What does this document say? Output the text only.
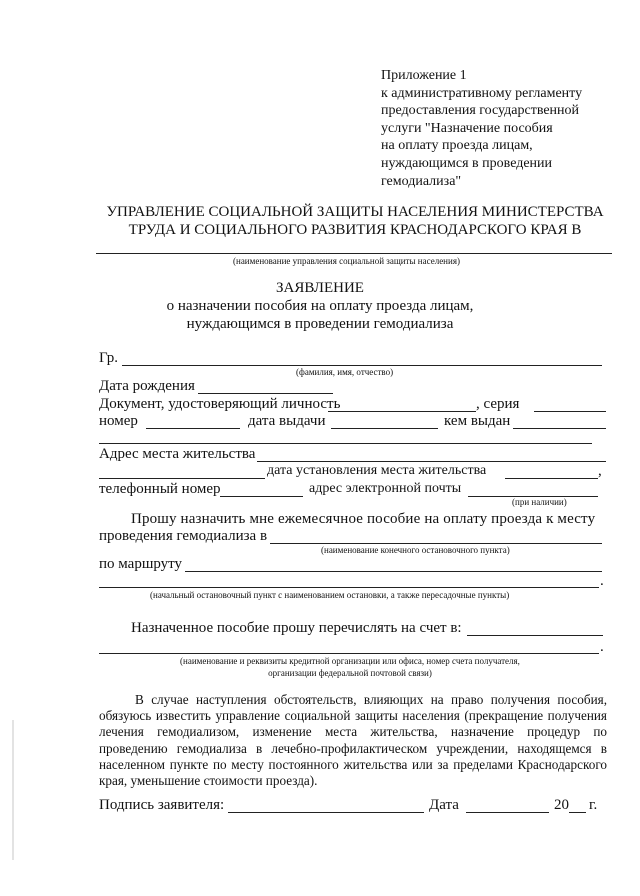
Приложение 1
к административному регламенту
предоставления государственной
услуги "Назначение пособия
на оплату проезда лицам,
нуждающимся в проведении
гемодиализа"
УПРАВЛЕНИЕ СОЦИАЛЬНОЙ ЗАЩИТЫ НАСЕЛЕНИЯ МИНИСТЕРСТВА
ТРУДА И СОЦИАЛЬНОГО РАЗВИТИЯ КРАСНОДАРСКОГО КРАЯ В
(наименование управления социальной защиты населения)
ЗАЯВЛЕНИЕ
о назначении пособия на оплату проезда лицам,
нуждающимся в проведении гемодиализа
Гр.
(фамилия, имя, отчество)
Дата рождения
Документ, удостоверяющий личность	, серия
номер	дата выдачи	кем выдан
Адрес места жительства
дата установления места жительства	,
телефонный номер	адрес электронной почты
(при наличии)
Прошу назначить мне ежемесячное пособие на оплату проезда к месту
проведения гемодиализа в
(наименование конечного остановочного пункта)
по маршруту
.
(начальный остановочный пункт с наименованием остановки, а также пересадочные пункты)
Назначенное пособие прошу перечислять на счет в:
.
(наименование и реквизиты кредитной организации или офиса, номер счета получателя,
организации федеральной почтовой связи)
В случае наступления обстоятельств, влияющих на право получения пособия, обязуюсь известить управление социальной защиты населения (прекращение получения лечения гемодиализом, изменение места жительства, назначение процедур по проведению гемодиализа в лечебно-профилактическом учреждении, находящемся в населенном пункте по месту постоянного жительства или за пределами Краснодарского края, уменьшение стоимости проезда).
Подпись заявителя:	Дата	20 г.
